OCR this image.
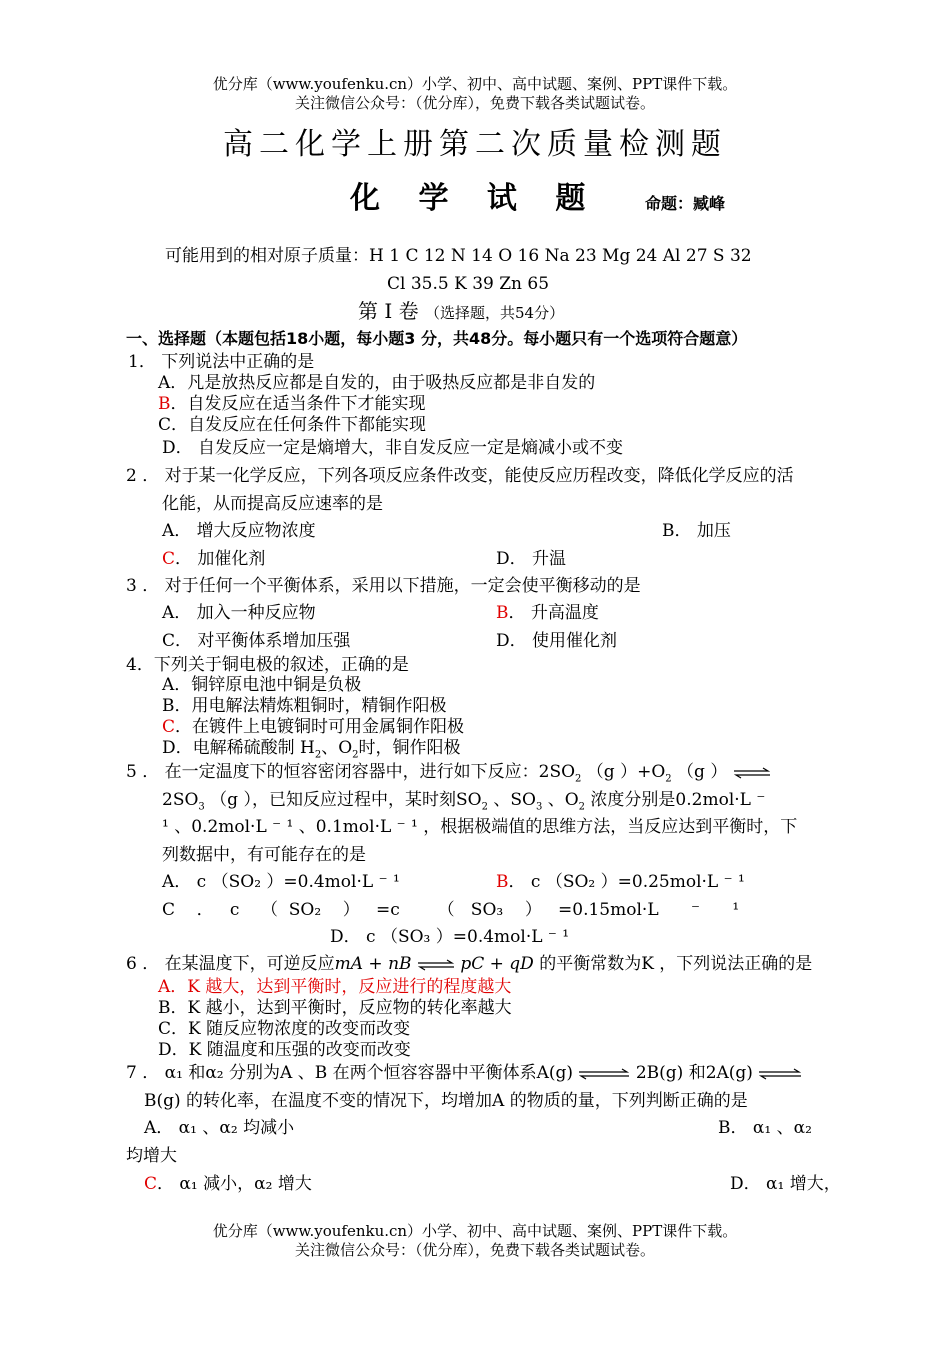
优分库（www.youfenku.cn）小学、初中、高中试题、案例、PPT课件下载。
关注微信公众号：（优分库），免费下载各类试题试卷。
高二化学上册第二次质量检测题
化 学 试 题	命题：臧峰
可能用到的相对原子质量：H 1 C 12 N 14 O 16 Na 23 Mg 24 Al 27 S 32
Cl 35.5 K 39 Zn 65
第 Ⅰ 卷 （选择题，共54分）
一、选择题（本题包括18小题，每小题3 分，共48分。每小题只有一个选项符合题意）
1． 下列说法中正确的是
A．凡是放热反应都是自发的，由于吸热反应都是非自发的
B．自发反应在适当条件下才能实现
C．自发反应在任何条件下都能实现
D． 自发反应一定是熵增大，非自发反应一定是熵减小或不变
2 ． 对于某一化学反应，下列各项反应条件改变，能使反应历程改变，降低化学反应的活
化能，从而提高反应速率的是
A． 增大反应物浓度	B． 加压
C． 加催化剂	D． 升温
3 ． 对于任何一个平衡体系，采用以下措施，一定会使平衡移动的是
A． 加入一种反应物	B． 升高温度
C． 对平衡体系增加压强	D． 使用催化剂
4．下列关于铜电极的叙述，正确的是
A．铜锌原电池中铜是负极
B．用电解法精炼粗铜时，精铜作阳极
C．在镀件上电镀铜时可用金属铜作阳极
D．电解稀硫酸制 $H_2$、$O_2$时，铜作阳极
5 ． 在一定温度下的恒容密闭容器中，进行如下反应：$2SO_2$ （g ）$+O_2$ （g ） ⇌
$2SO_3$ （g ），已知反应过程中，某时刻$SO_2$ 、$SO_3$ 、$O_2$ 浓度分别是0.2mol·L ⁻
¹ 、0.2mol·L ⁻ ¹ 、0.1mol·L ⁻ ¹ ，根据极端值的思维方法，当反应达到平衡时，下
列数据中，有可能存在的是
A． c （SO₂ ）=0.4mol·L ⁻ ¹	B． c （SO₂ ）=0.25mol·L ⁻ ¹
C    ．   c    （  SO₂    ）   =c       （   SO₃    ）   =0.15mol·L      ⁻      ¹
D． c （SO₃ ）=0.4mol·L ⁻ ¹
6 ． 在某温度下，可逆反应mA + nB ⇌ pC + qD 的平衡常数为K ，下列说法正确的是
A．K 越大，达到平衡时，反应进行的程度越大
B．K 越小，达到平衡时，反应物的转化率越大
C．K 随反应物浓度的改变而改变
D．K 随温度和压强的改变而改变
7 ． α₁ 和α₂ 分别为A 、B 在两个恒容容器中平衡体系A(g) ⇌ 2B(g) 和2A(g) ⇌
B(g) 的转化率，在温度不变的情况下，均增加A 的物质的量，下列判断正确的是
A． α₁ 、α₂ 均减小	B． α₁ 、α₂
均增大
C． α₁ 减小，α₂ 增大	D． α₁ 增大，
优分库（www.youfenku.cn）小学、初中、高中试题、案例、PPT课件下载。
关注微信公众号：（优分库），免费下载各类试题试卷。
